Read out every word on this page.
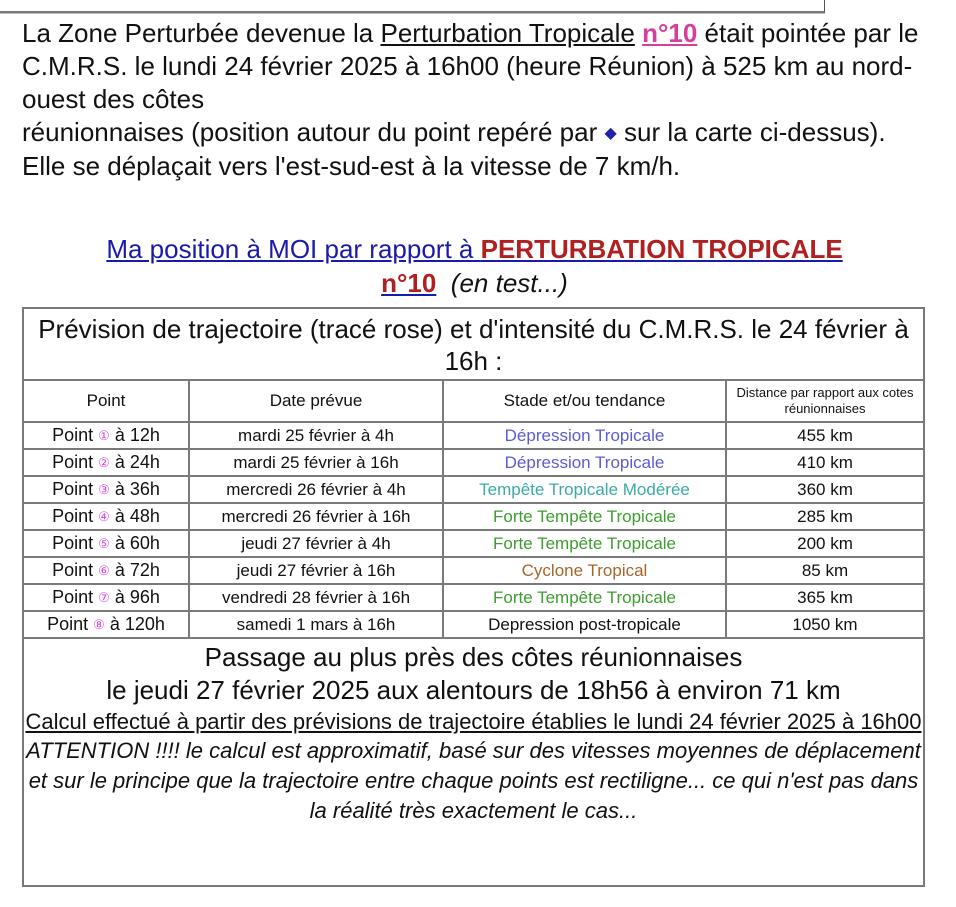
La Zone Perturbée devenue la Perturbation Tropicale n°10 était pointée par le C.M.R.S. le lundi 24 février 2025 à 16h00 (heure Réunion) à 525 km au nord-ouest des côtes
réunionnaises (position autour du point repéré par ◆ sur la carte ci-dessus).

Elle se déplaçait vers l'est-sud-est à la vitesse de 7 km/h.

Ma position à MOI par rapport à PERTURBATION TROPICALE
n°10 (en test...)
Prévision de trajectoire (tracé rose) et d'intensité du C.M.R.S. le 24 février à 16h :
Point	Date prévue	Stade et/ou tendance	Distance par rapport aux cotes réunionnaises
Point ① à 12h	mardi 25 février à 4h	Dépression Tropicale	455 km
Point ② à 24h	mardi 25 février à 16h	Dépression Tropicale	410 km
Point ③ à 36h	mercredi 26 février à 4h	Tempête Tropicale Modérée	360 km
Point ④ à 48h	mercredi 26 février à 16h	Forte Tempête Tropicale	285 km
Point ⑤ à 60h	jeudi 27 février à 4h	Forte Tempête Tropicale	200 km
Point ⑥ à 72h	jeudi 27 février à 16h	Cyclone Tropical	85 km
Point ⑦ à 96h	vendredi 28 février à 16h	Forte Tempête Tropicale	365 km
Point ⑧ à 120h	samedi 1 mars à 16h	Depression post-tropicale	1050 km
Passage au plus près des côtes réunionnaises
le jeudi 27 février 2025 aux alentours de 18h56 à environ 71 km
Calcul effectué à partir des prévisions de trajectoire établies le lundi 24 février 2025 à 16h00
ATTENTION !!!! le calcul est approximatif, basé sur des vitesses moyennes de déplacement et sur le principe que la trajectoire entre chaque points est rectiligne... ce qui n'est pas dans la réalité très exactement le cas...
